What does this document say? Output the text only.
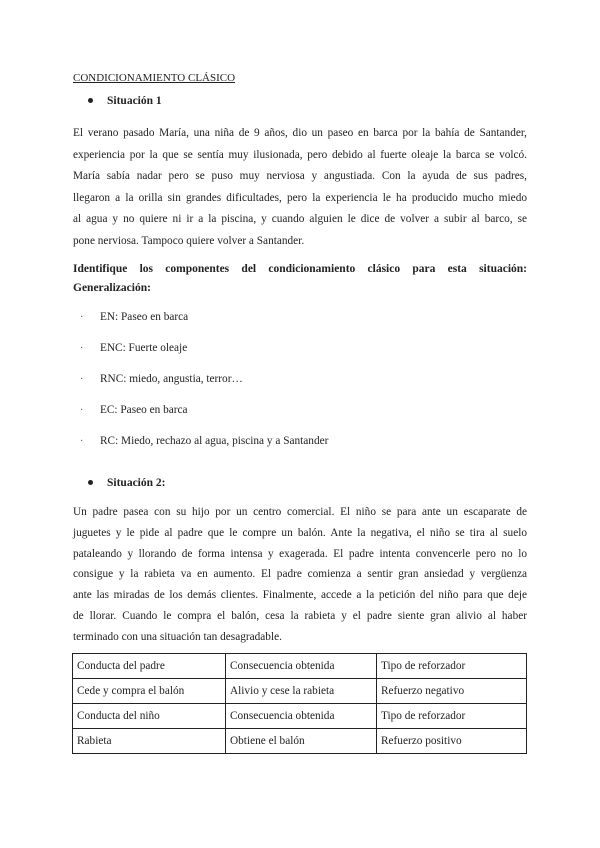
CONDICIONAMIENTO CLÁSICO
Situación 1
El verano pasado María, una niña de 9 años, dio un paseo en barca por la bahía de Santander,
experiencia por la que se sentía muy ilusionada, pero debido al fuerte oleaje la barca se volcó.
María sabía nadar pero se puso muy nerviosa y angustiada. Con la ayuda de sus padres,
llegaron a la orilla sin grandes dificultades, pero la experiencia le ha producido mucho miedo
al agua y no quiere ni ir a la piscina, y cuando alguien le dice de volver a subir al barco, se
pone nerviosa. Tampoco quiere volver a Santander.
Identifique los componentes del condicionamiento clásico para esta situación:
Generalización:
· EN: Paseo en barca
· ENC: Fuerte oleaje
· RNC: miedo, angustia, terror…
· EC: Paseo en barca
· RC: Miedo, rechazo al agua, piscina y a Santander
Situación 2:
Un padre pasea con su hijo por un centro comercial. El niño se para ante un escaparate de
juguetes y le pide al padre que le compre un balón. Ante la negativa, el niño se tira al suelo
pataleando y llorando de forma intensa y exagerada. El padre intenta convencerle pero no lo
consigue y la rabieta va en aumento. El padre comienza a sentir gran ansiedad y vergüenza
ante las miradas de los demás clientes. Finalmente, accede a la petición del niño para que deje
de llorar. Cuando le compra el balón, cesa la rabieta y el padre siente gran alivio al haber
terminado con una situación tan desagradable.
Conducta del padre	Consecuencia obtenida	Tipo de reforzador
Cede y compra el balón	Alivio y cese la rabieta	Refuerzo negativo
Conducta del niño	Consecuencia obtenida	Tipo de reforzador
Rabieta	Obtiene el balón	Refuerzo positivo
